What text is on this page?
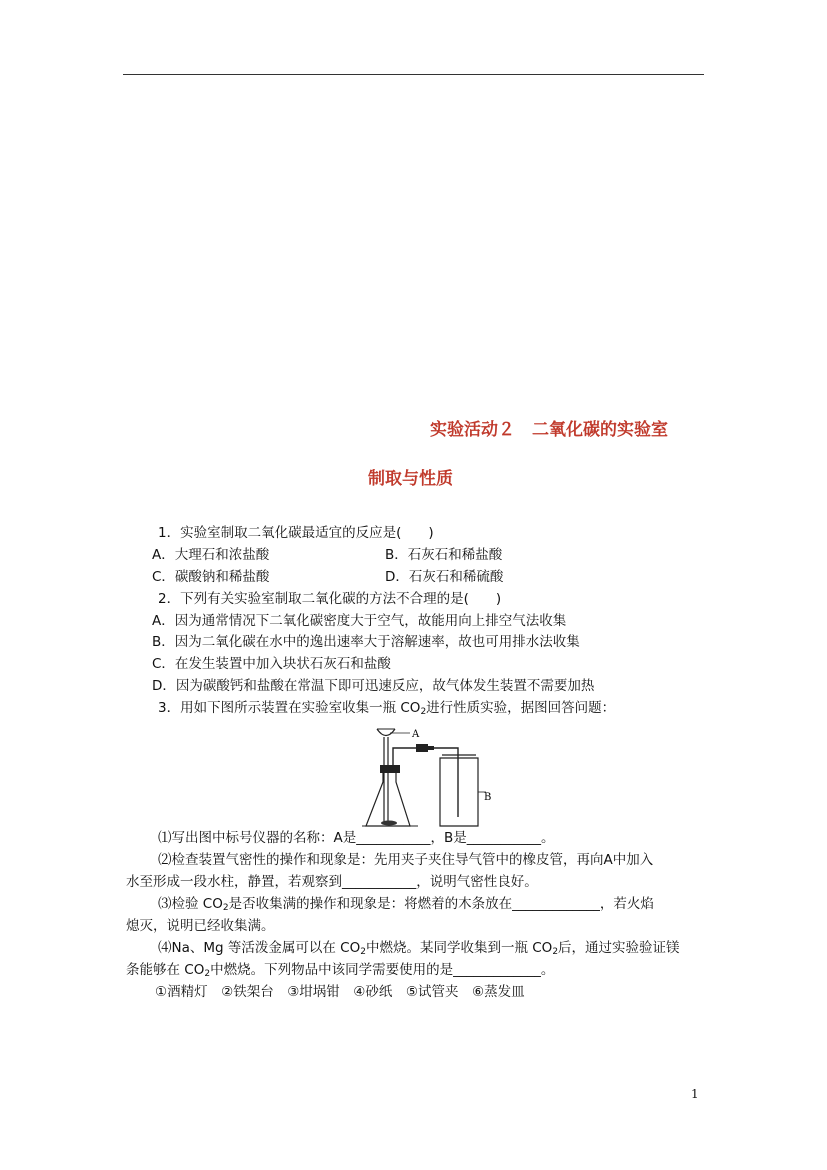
实验活动２　二氧化碳的实验室
制取与性质
1．实验室制取二氧化碳最适宜的反应是(　　)
A．大理石和浓盐酸	B．石灰石和稀盐酸
C．碳酸钠和稀盐酸	D．石灰石和稀硫酸
2．下列有关实验室制取二氧化碳的方法不合理的是(　　)
A．因为通常情况下二氧化碳密度大于空气，故能用向上排空气法收集
B．因为二氧化碳在水中的逸出速率大于溶解速率，故也可用排水法收集
C．在发生装置中加入块状石灰石和盐酸
D．因为碳酸钙和盐酸在常温下即可迅速反应，故气体发生装置不需要加热
3．用如下图所示装置在实验室收集一瓶 $CO_2$进行性质实验，据图回答问题：
A
B
⑴写出图中标号仪器的名称：A是___________，B是___________。
⑵检查装置气密性的操作和现象是：先用夹子夹住导气管中的橡皮管，再向A中加入
水至形成一段水柱，静置，若观察到___________，说明气密性良好。
⑶检验 $CO_2$是否收集满的操作和现象是：将燃着的木条放在_____________，若火焰
熄灭，说明已经收集满。
⑷Na、Mg 等活泼金属可以在 $CO_2$中燃烧。某同学收集到一瓶 $CO_2$后，通过实验验证镁
条能够在 $CO_2$中燃烧。下列物品中该同学需要使用的是_____________。
①酒精灯　②铁架台　③坩埚钳　④砂纸　⑤试管夹　⑥蒸发皿
1
